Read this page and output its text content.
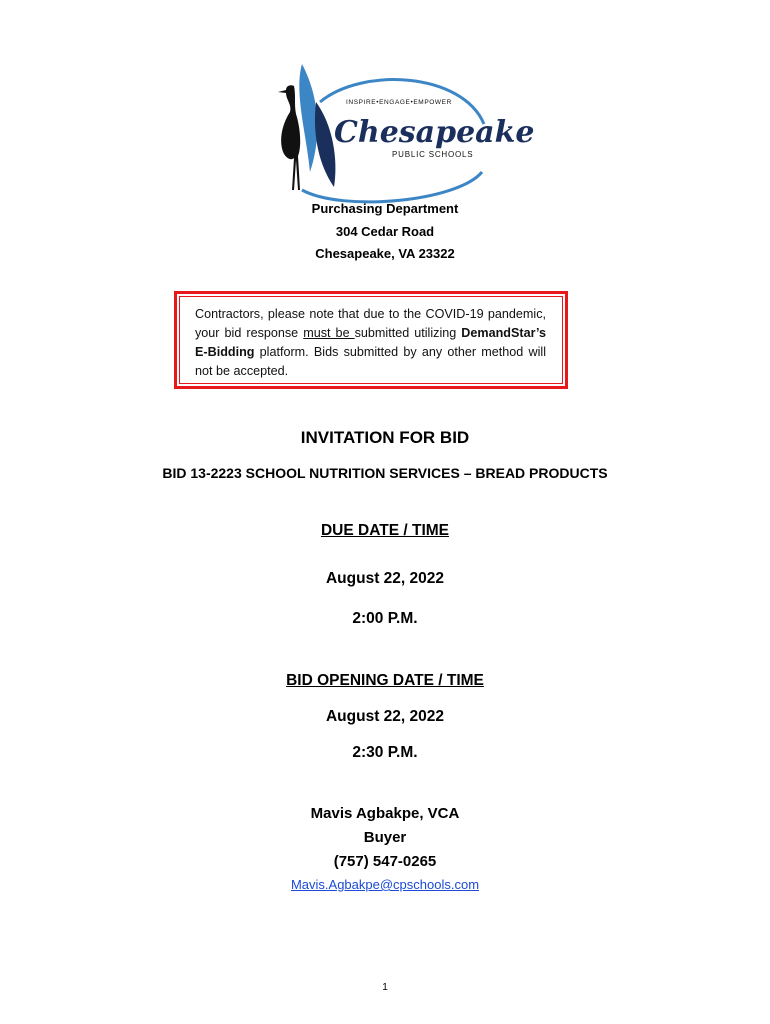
INSPIRE•ENGAGE•EMPOWER
Chesapeake
PUBLIC SCHOOLS
Purchasing Department
304 Cedar Road
Chesapeake, VA 23322
Contractors, please note that due to the COVID-19 pandemic, your bid response must be submitted utilizing DemandStar’s E-Bidding platform. Bids submitted by any other method will not be accepted.
INVITATION FOR BID
BID 13-2223 SCHOOL NUTRITION SERVICES – BREAD PRODUCTS
DUE DATE / TIME
August 22, 2022
2:00 P.M.
BID OPENING DATE / TIME
August 22, 2022
2:30 P.M.
Mavis Agbakpe, VCA
Buyer
(757) 547-0265
Mavis.Agbakpe@cpschools.com
1
